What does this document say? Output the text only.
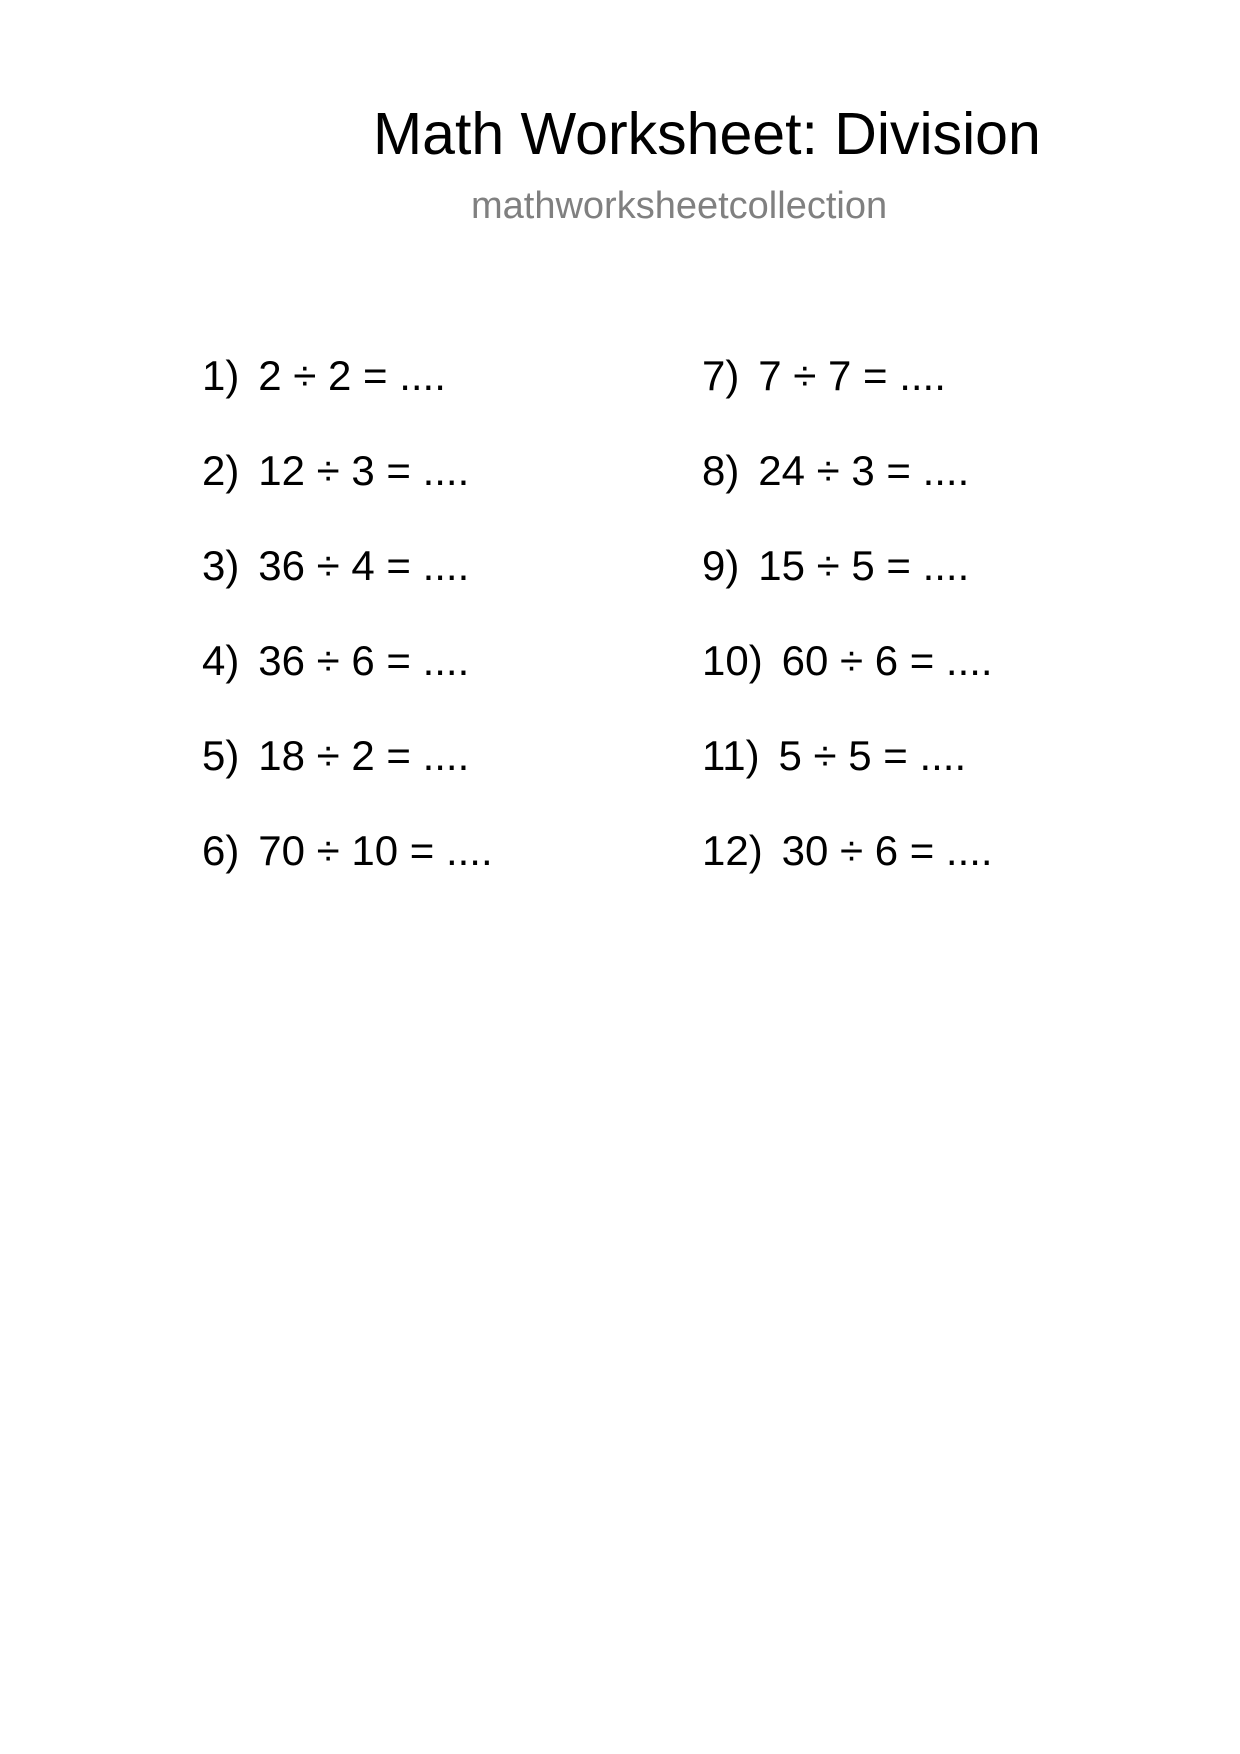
Math Worksheet: Division
mathworksheetcollection
1) 2 ÷ 2 = ....
2) 12 ÷ 3 = ....
3) 36 ÷ 4 = ....
4) 36 ÷ 6 = ....
5) 18 ÷ 2 = ....
6) 70 ÷ 10 = ....
7) 7 ÷ 7 = ....
8) 24 ÷ 3 = ....
9) 15 ÷ 5 = ....
10) 60 ÷ 6 = ....
11) 5 ÷ 5 = ....
12) 30 ÷ 6 = ....
